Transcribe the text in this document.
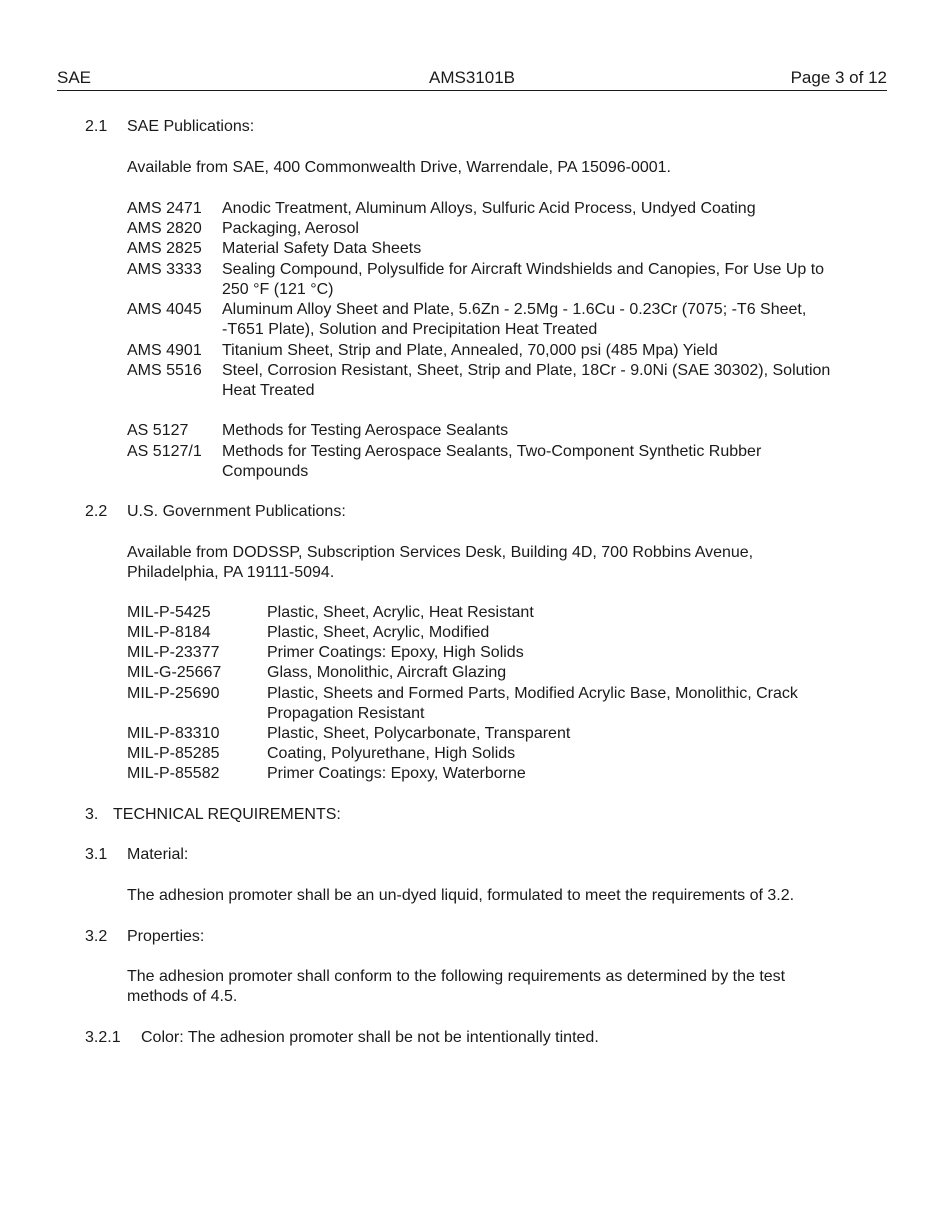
SAE	AMS3101B	Page 3 of 12
2.1 SAE Publications:
Available from SAE, 400 Commonwealth Drive, Warrendale, PA 15096-0001.
AMS 2471 Anodic Treatment, Aluminum Alloys, Sulfuric Acid Process, Undyed Coating
AMS 2820 Packaging, Aerosol
AMS 2825 Material Safety Data Sheets
AMS 3333 Sealing Compound, Polysulfide for Aircraft Windshields and Canopies, For Use Up to
250 °F (121 °C)
AMS 4045 Aluminum Alloy Sheet and Plate, 5.6Zn - 2.5Mg - 1.6Cu - 0.23Cr (7075; -T6 Sheet,
-T651 Plate), Solution and Precipitation Heat Treated
AMS 4901 Titanium Sheet, Strip and Plate, Annealed, 70,000 psi (485 Mpa) Yield
AMS 5516 Steel, Corrosion Resistant, Sheet, Strip and Plate, 18Cr - 9.0Ni (SAE 30302), Solution
Heat Treated
AS 5127 Methods for Testing Aerospace Sealants
AS 5127/1 Methods for Testing Aerospace Sealants, Two-Component Synthetic Rubber
Compounds
2.2 U.S. Government Publications:
Available from DODSSP, Subscription Services Desk, Building 4D, 700 Robbins Avenue,
Philadelphia, PA 19111-5094.
MIL-P-5425	Plastic, Sheet, Acrylic, Heat Resistant
MIL-P-8184	Plastic, Sheet, Acrylic, Modified
MIL-P-23377	Primer Coatings: Epoxy, High Solids
MIL-G-25667	Glass, Monolithic, Aircraft Glazing
MIL-P-25690	Plastic, Sheets and Formed Parts, Modified Acrylic Base, Monolithic, Crack
Propagation Resistant
MIL-P-83310	Plastic, Sheet, Polycarbonate, Transparent
MIL-P-85285	Coating, Polyurethane, High Solids
MIL-P-85582	Primer Coatings: Epoxy, Waterborne
3. TECHNICAL REQUIREMENTS:
3.1 Material:
The adhesion promoter shall be an un-dyed liquid, formulated to meet the requirements of 3.2.
3.2 Properties:
The adhesion promoter shall conform to the following requirements as determined by the test
methods of 4.5.
3.2.1 Color: The adhesion promoter shall be not be intentionally tinted.
